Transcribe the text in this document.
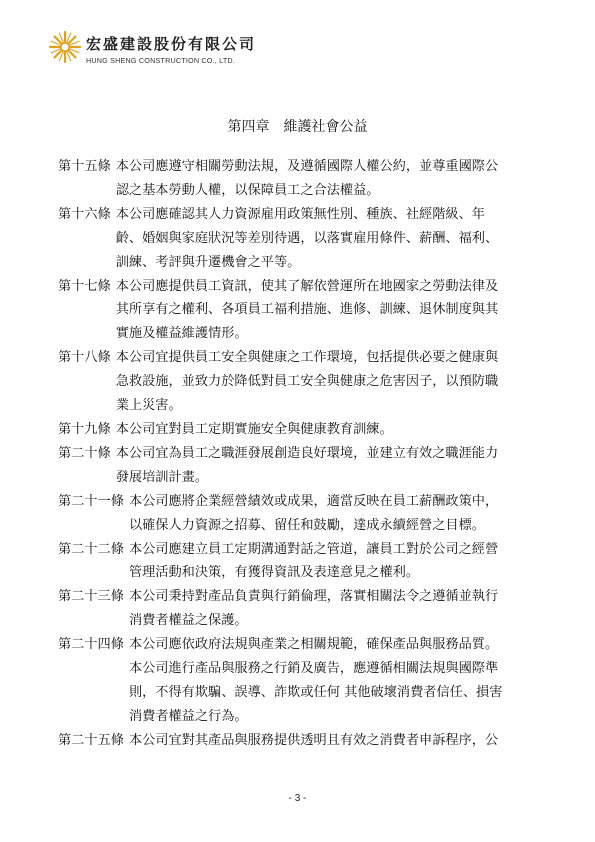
宏盛建設股份有限公司
HUNG SHENG CONSTRUCTION CO., LTD.
第四章　維護社會公益
第十五條 本公司應遵守相關勞動法規，及遵循國際人權公約，並尊重國際公
認之基本勞動人權，以保障員工之合法權益。
第十六條 本公司應確認其人力資源雇用政策無性別、種族、社經階級、年
齡、婚姻與家庭狀況等差別待遇，以落實雇用條件、薪酬、福利、
訓練、考評與升遷機會之平等。
第十七條 本公司應提供員工資訊，使其了解依營運所在地國家之勞動法律及
其所享有之權利、各項員工福利措施、進修、訓練、退休制度與其
實施及權益維護情形。
第十八條 本公司宜提供員工安全與健康之工作環境，包括提供必要之健康與
急救設施，並致力於降低對員工安全與健康之危害因子，以預防職
業上災害。
第十九條 本公司宜對員工定期實施安全與健康教育訓練。
第二十條 本公司宜為員工之職涯發展創造良好環境，並建立有效之職涯能力
發展培訓計畫。
第二十一條 本公司應將企業經營績效或成果，適當反映在員工薪酬政策中，
以確保人力資源之招募、留任和鼓勵，達成永續經營之目標。
第二十二條 本公司應建立員工定期溝通對話之管道，讓員工對於公司之經營
管理活動和決策，有獲得資訊及表達意見之權利。
第二十三條 本公司秉持對產品負責與行銷倫理，落實相關法令之遵循並執行
消費者權益之保護。
第二十四條 本公司應依政府法規與產業之相關規範，確保產品與服務品質。
本公司進行產品與服務之行銷及廣告，應遵循相關法規與國際準
則，不得有欺騙、誤導、詐欺或任何 其他破壞消費者信任、損害
消費者權益之行為。
第二十五條 本公司宜對其產品與服務提供透明且有效之消費者申訴程序，公
- 3 -
